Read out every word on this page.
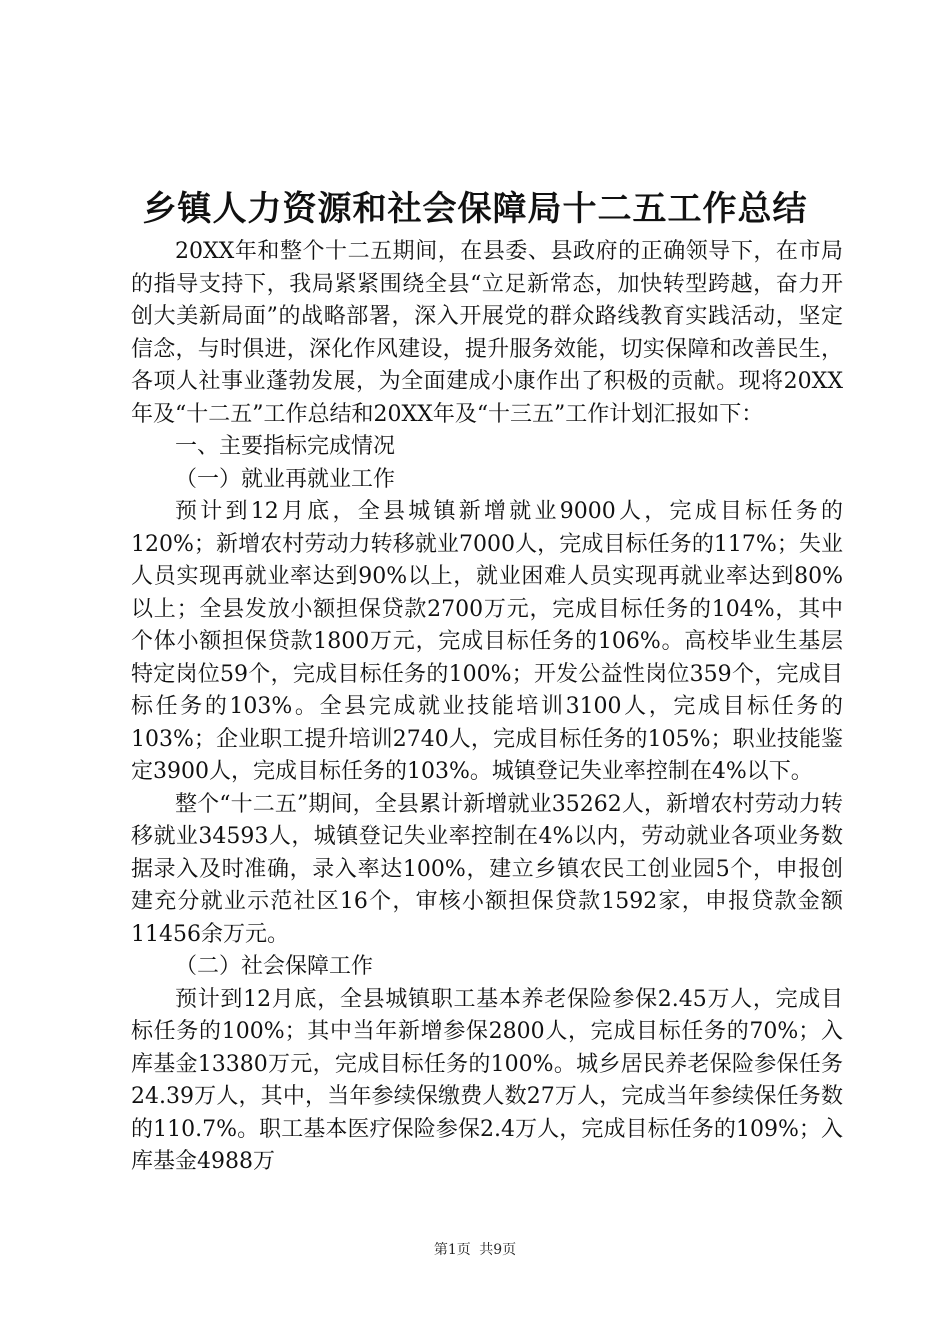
乡镇人力资源和社会保障局十二五工作总结

20XX年和整个十二五期间，在县委、县政府的正确领导下，在市局的指导支持下，我局紧紧围绕全县“立足新常态，加快转型跨越，奋力开创大美新局面”的战略部署，深入开展党的群众路线教育实践活动，坚定信念，与时俱进，深化作风建设，提升服务效能，切实保障和改善民生，各项人社事业蓬勃发展，为全面建成小康作出了积极的贡献。现将20XX年及“十二五”工作总结和20XX年及“十三五”工作计划汇报如下：

一、主要指标完成情况

（一）就业再就业工作

预计到12月底，全县城镇新增就业9000人，完成目标任务的120%；新增农村劳动力转移就业7000人，完成目标任务的117%；失业人员实现再就业率达到90%以上，就业困难人员实现再就业率达到80%以上；全县发放小额担保贷款2700万元，完成目标任务的104%，其中个体小额担保贷款1800万元，完成目标任务的106%。高校毕业生基层特定岗位59个，完成目标任务的100%；开发公益性岗位359个，完成目标任务的103%。全县完成就业技能培训3100人，完成目标任务的103%；企业职工提升培训2740人，完成目标任务的105%；职业技能鉴定3900人，完成目标任务的103%。城镇登记失业率控制在4%以下。

整个“十二五”期间，全县累计新增就业35262人，新增农村劳动力转移就业34593人，城镇登记失业率控制在4%以内，劳动就业各项业务数据录入及时准确，录入率达100%，建立乡镇农民工创业园5个，申报创建充分就业示范社区16个，审核小额担保贷款1592家，申报贷款金额11456余万元。

（二）社会保障工作

预计到12月底，全县城镇职工基本养老保险参保2.45万人，完成目标任务的100%；其中当年新增参保2800人，完成目标任务的70%；入库基金13380万元，完成目标任务的100%。城乡居民养老保险参保任务24.39万人，其中，当年参续保缴费人数27万人，完成当年参续保任务数的110.7%。职工基本医疗保险参保2.4万人，完成目标任务的109%；入库基金4988万

第1页 共9页
